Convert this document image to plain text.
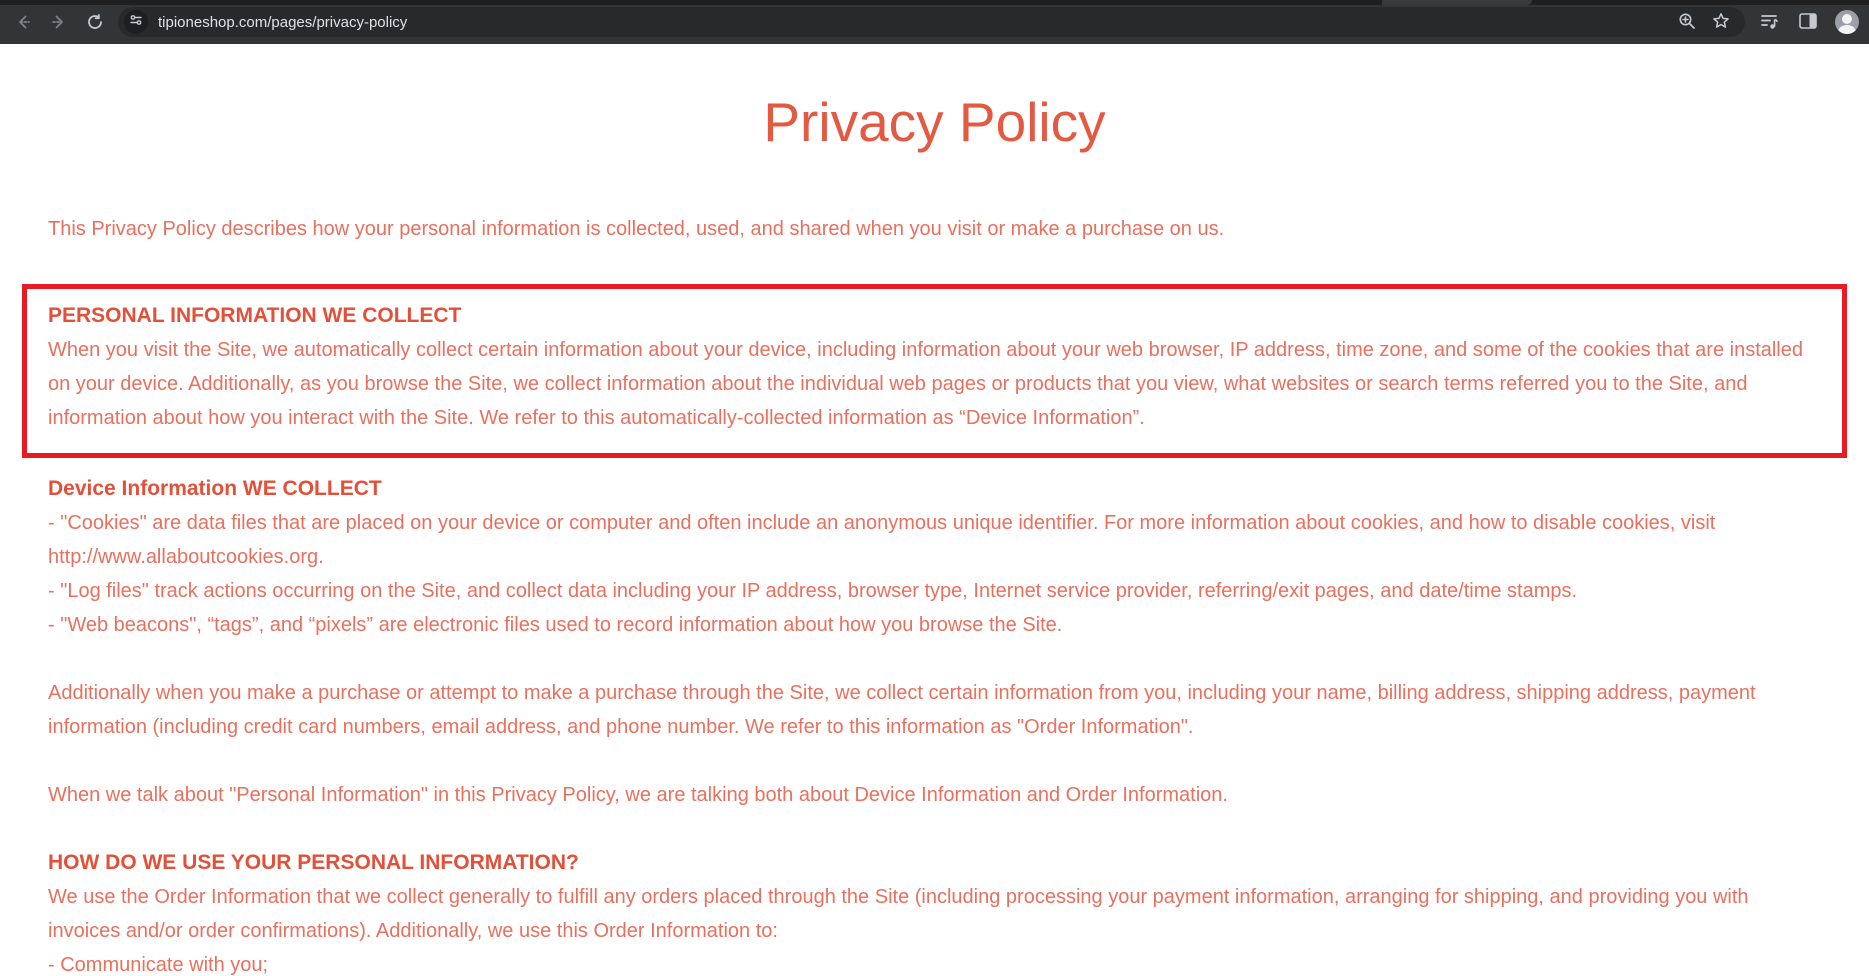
tipioneshop.com/pages/privacy-policy
Privacy Policy

This Privacy Policy describes how your personal information is collected, used, and shared when you visit or make a purchase on us.

PERSONAL INFORMATION WE COLLECT

When you visit the Site, we automatically collect certain information about your device, including information about your web browser, IP address, time zone, and some of the cookies that are installed on your device. Additionally, as you browse the Site, we collect information about the individual web pages or products that you view, what websites or search terms referred you to the Site, and information about how you interact with the Site. We refer to this automatically-collected information as “Device Information”.

Device Information WE COLLECT
- "Cookies" are data files that are placed on your device or computer and often include an anonymous unique identifier. For more information about cookies, and how to disable cookies, visit http://www.allaboutcookies.org.
- "Log files" track actions occurring on the Site, and collect data including your IP address, browser type, Internet service provider, referring/exit pages, and date/time stamps.
- "Web beacons", “tags”, and “pixels” are electronic files used to record information about how you browse the Site.

Additionally when you make a purchase or attempt to make a purchase through the Site, we collect certain information from you, including your name, billing address, shipping address, payment information (including credit card numbers, email address, and phone number. We refer to this information as "Order Information".

When we talk about "Personal Information" in this Privacy Policy, we are talking both about Device Information and Order Information.

HOW DO WE USE YOUR PERSONAL INFORMATION?

We use the Order Information that we collect generally to fulfill any orders placed through the Site (including processing your payment information, arranging for shipping, and providing you with invoices and/or order confirmations). Additionally, we use this Order Information to:

- Communicate with you;
